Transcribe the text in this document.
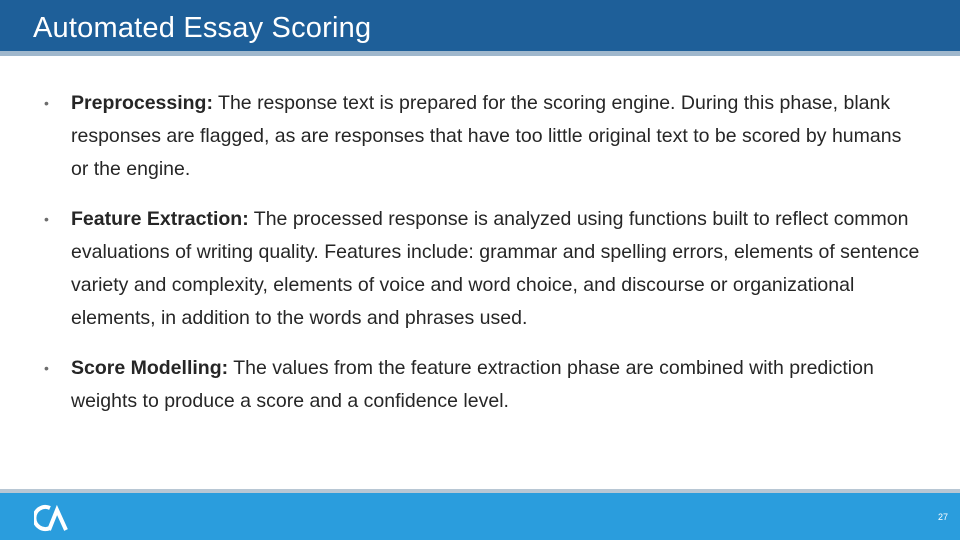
Automated Essay Scoring
• Preprocessing: The response text is prepared for the scoring engine. During this phase, blank responses are flagged, as are responses that have too little original text to be scored by humans or the engine.
• Feature Extraction: The processed response is analyzed using functions built to reflect common evaluations of writing quality. Features include: grammar and spelling errors, elements of sentence variety and complexity, elements of voice and word choice, and discourse or organizational elements, in addition to the words and phrases used.
• Score Modelling: The values from the feature extraction phase are combined with prediction weights to produce a score and a confidence level.
27
